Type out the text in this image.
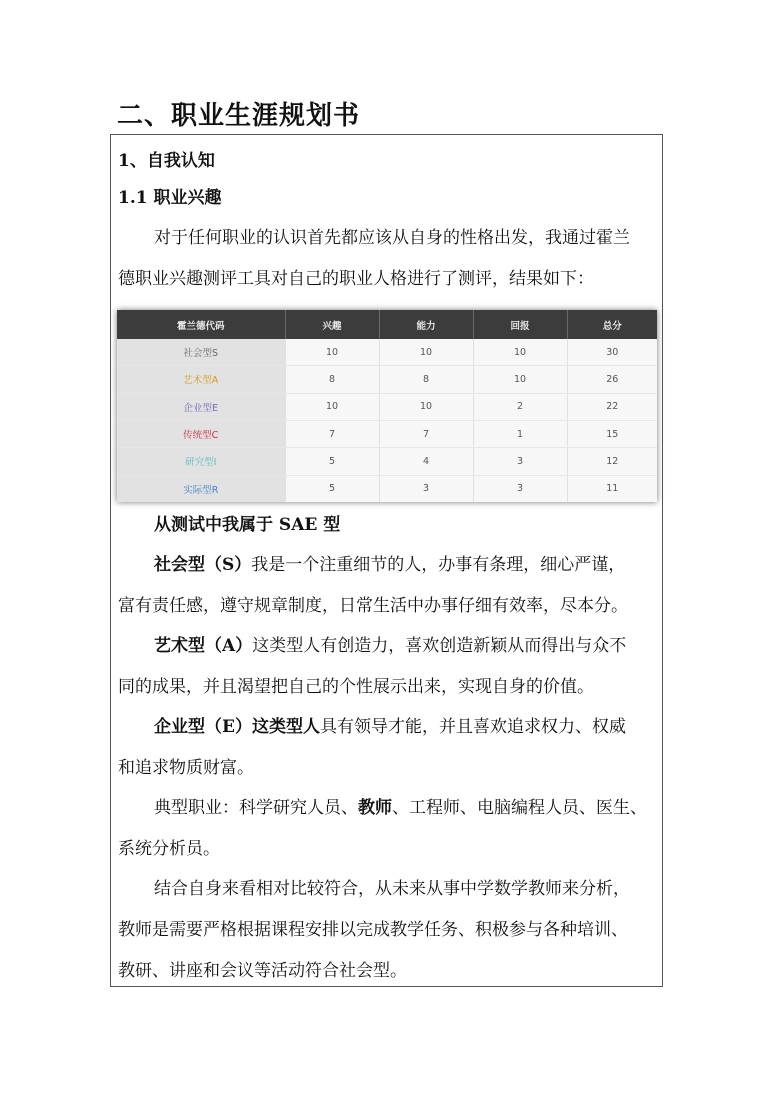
二、职业生涯规划书

1、自我认知

1.1 职业兴趣

对于任何职业的认识首先都应该从自身的性格出发，我通过霍兰
德职业兴趣测评工具对自己的职业人格进行了测评，结果如下：

霍兰德代码	兴趣	能力	回报	总分
社会型S	10	10	10	30
艺术型A	8	8	10	26
企业型E	10	10	2	22
传统型C	7	7	1	15
研究型I	5	4	3	12
实际型R	5	3	3	11

从测试中我属于 SAE 型

社会型（S）我是一个注重细节的人，办事有条理，细心严谨，
富有责任感，遵守规章制度，日常生活中办事仔细有效率，尽本分。

艺术型（A）这类型人有创造力，喜欢创造新颖从而得出与众不
同的成果，并且渴望把自己的个性展示出来，实现自身的价值。

企业型（E）这类型人具有领导才能，并且喜欢追求权力、权威
和追求物质财富。

典型职业：科学研究人员、教师、工程师、电脑编程人员、医生、
系统分析员。

结合自身来看相对比较符合，从未来从事中学数学教师来分析，
教师是需要严格根据课程安排以完成教学任务、积极参与各种培训、
教研、讲座和会议等活动符合社会型。
